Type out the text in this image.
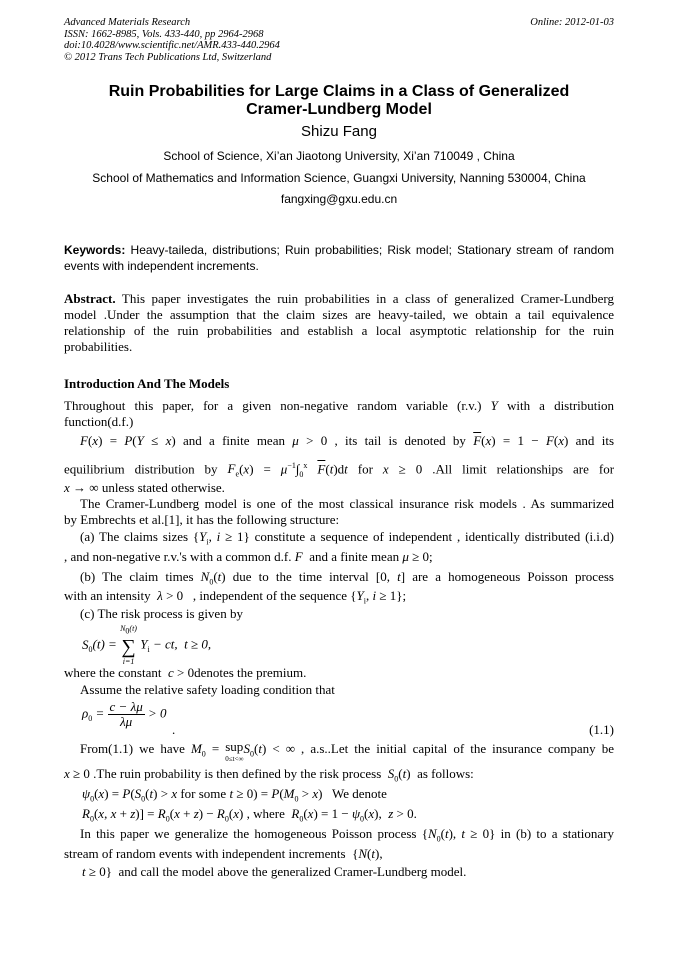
Advanced Materials Research
ISSN: 1662-8985, Vols. 433-440, pp 2964-2968
doi:10.4028/www.scientific.net/AMR.433-440.2964
© 2012 Trans Tech Publications Ltd, Switzerland
Online: 2012-01-03
Ruin Probabilities for Large Claims in a Class of Generalized
Cramer-Lundberg Model
Shizu Fang
School of Science, Xi’an Jiaotong University, Xi’an 710049 , China
School of Mathematics and Information Science, Guangxi University, Nanning 530004, China
fangxing@gxu.edu.cn
Keywords: Heavy-taileda, distributions; Ruin probabilities; Risk model; Stationary stream of random
events with independent increments.
Abstract. This paper investigates the ruin probabilities in a class of generalized Cramer-Lundberg
model .Under the assumption that the claim sizes are heavy-tailed, we obtain a tail equivalence
relationship of the ruin probabilities and establish a local asymptotic relationship for the ruin
probabilities.
Introduction And The Models
Throughout this paper, for a given non-negative random variable (r.v.) Y with a distribution
function(d.f.)
F(x) = P(Y ≤ x) and a finite mean μ > 0 , its tail is denoted by $\overline{F}(x) = 1 - F(x)$ and its
equilibrium distribution by $F_e(x) = \mu^{-1}\int_0^x$ $\overline{F}(t)dt$ for x ≥ 0 .All limit relationships are for
x → ∞ unless stated otherwise.
The Cramer-Lundberg model is one of the most classical insurance risk models . As summarized
by Embrechts et al.[1], it has the following structure:
(a) The claims sizes {$Y_i$, i ≥ 1} constitute a sequence of independent , identically distributed (i.i.d)
, and non-negative r.v.'s with a common d.f. F and a finite mean μ ≥ 0;
(b) The claim times $N_0(t)$ due to the time interval [0, t] are a homogeneous Poisson process
with an intensity λ > 0   , independent of the sequence {$Y_i$, i ≥ 1};
(c) The risk process is given by
$S_0(t)$ =
$N_0(t)$
∑
i=1
$Y_i$ − ct,  t ≥ 0,
where the constant c > 0denotes the premium.
Assume the relative safety loading condition that
$\rho_0 = \frac{c - \lambda\mu}{\lambda\mu} > 0$
.	(1.1)
From(1.1) we have $M_0$ = sup
0≤t<∞
$S_0(t)$ < ∞ , a.s..Let the initial capital of the insurance company be
x ≥ 0 .The ruin probability is then defined by the risk process $S_0(t)$  as follows:
$\psi_0(x) = P(S_0(t) > x$ for some $t \ge 0) = P(M_0 > x)$   We denote
$R_0(x$, $x + z)] = R_0(x + z) - R_0(x)$ , where $R_0(x) = 1 - \psi_0(x)$,  z > 0.
In this paper we generalize the homogeneous Poisson process {$N_0(t)$, t ≥ 0} in (b) to a stationary
stream of random events with independent increments  {N(t),
t ≥ 0}  and call the model above the generalized Cramer-Lundberg model.
